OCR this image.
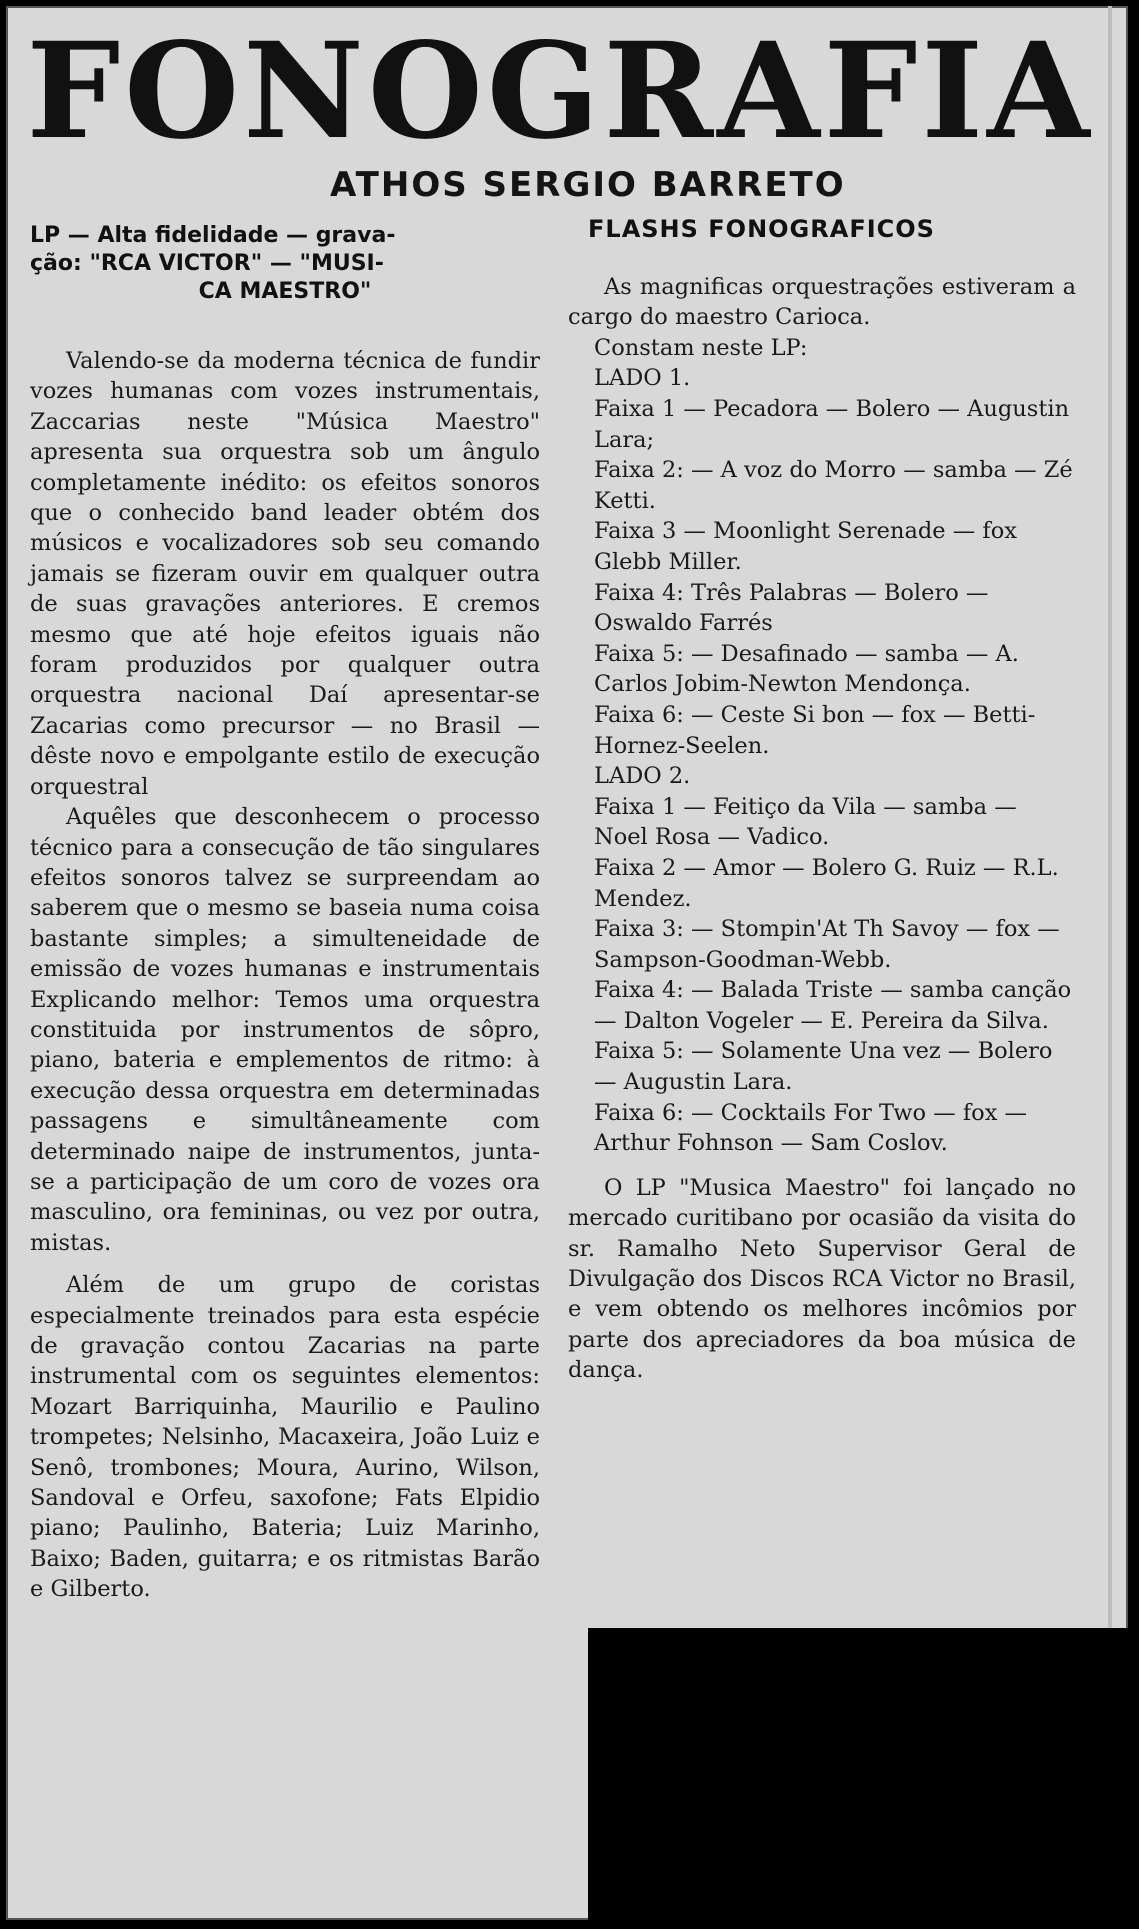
FONOGRAFIA
ATHOS SERGIO BARRETO
LP — Alta fidelidade — grava-
ção: "RCA VICTOR" — "MUSI-

CA MAESTRO"

Valendo-se da moderna técnica de fundir vozes humanas com vozes instrumentais, Zaccarias neste "Música Maestro" apresenta sua orquestra sob um ângulo completamente inédito: os efeitos sonoros que o conhecido band leader obtém dos músicos e vocalizadores sob seu comando jamais se fizeram ouvir em qualquer outra de suas gravações anteriores. E cremos mesmo que até hoje efeitos iguais não foram produzidos por qualquer outra orquestra nacional Daí apresentar-se Zacarias como precursor — no Brasil — dêste novo e empolgante estilo de execução orquestral

Aquêles que desconhecem o processo técnico para a consecução de tão singulares efeitos sonoros talvez se surpreendam ao saberem que o mesmo se baseia numa coisa bastante simples; a simulteneidade de emissão de vozes humanas e instrumentais Explicando melhor: Temos uma orquestra constituida por instrumentos de sôpro, piano, bateria e emplementos de ritmo: à execução dessa orquestra em determinadas passagens e simultâneamente com determinado naipe de instrumentos, junta-se a participação de um coro de vozes ora masculino, ora femininas, ou vez por outra, mistas.

Além de um grupo de coristas especialmente treinados para esta espécie de gravação contou Zacarias na parte instrumental com os seguintes elementos: Mozart Barriquinha, Maurilio e Paulino trompetes; Nelsinho, Macaxeira, João Luiz e Senô, trombones; Moura, Aurino, Wilson, Sandoval e Orfeu, saxofone; Fats Elpidio piano; Paulinho, Bateria; Luiz Marinho, Baixo; Baden, guitarra; e os ritmistas Barão e Gilberto.

FLASHS FONOGRAFICOS

As magnificas orquestrações estiveram a cargo do maestro Carioca.

Constam neste LP:

LADO 1.

Faixa 1 — Pecadora — Bolero — Augustin Lara;

Faixa 2: — A voz do Morro — samba — Zé Ketti.

Faixa 3 — Moonlight Serenade — fox Glebb Miller.

Faixa 4: Três Palabras — Bolero — Oswaldo Farrés

Faixa 5: — Desafinado — samba — A. Carlos Jobim-Newton Mendonça.

Faixa 6: — Ceste Si bon — fox — Betti-Hornez-Seelen.

LADO 2.

Faixa 1 — Feitiço da Vila — samba — Noel Rosa — Vadico.

Faixa 2 — Amor — Bolero G. Ruiz — R.L. Mendez.

Faixa 3: — Stompin'At Th Savoy — fox — Sampson-Goodman-Webb.

Faixa 4: — Balada Triste — samba canção — Dalton Vogeler — E. Pereira da Silva.

Faixa 5: — Solamente Una vez — Bolero — Augustin Lara.

Faixa 6: — Cocktails For Two — fox — Arthur Fohnson — Sam Coslov.

O LP "Musica Maestro" foi lançado no mercado curitibano por ocasião da visita do sr. Ramalho Neto Supervisor Geral de Divulgação dos Discos RCA Victor no Brasil, e vem obtendo os melhores incômios por parte dos apreciadores da boa música de dança.
